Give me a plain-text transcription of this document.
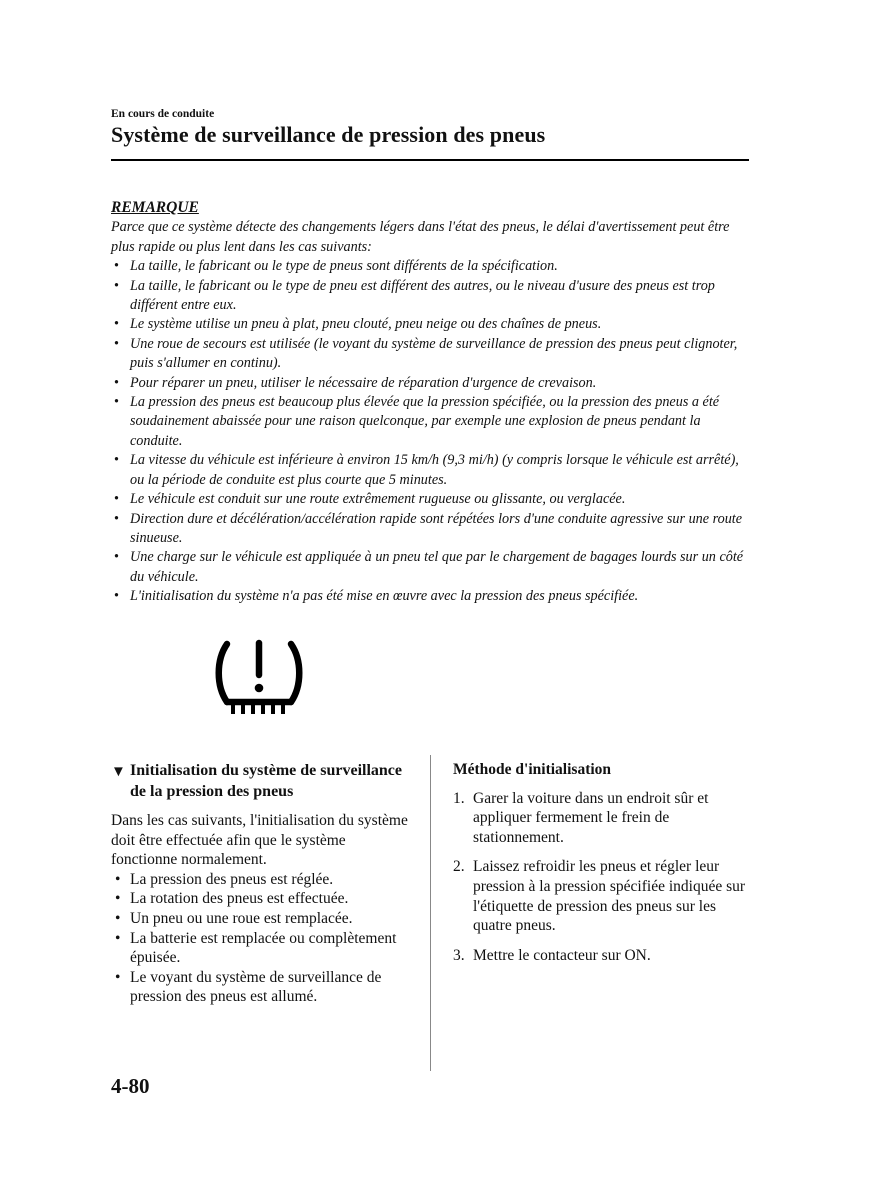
En cours de conduite
Système de surveillance de pression des pneus
REMARQUE

Parce que ce système détecte des changements légers dans l'état des pneus, le délai d'avertissement peut être plus rapide ou plus lent dans les cas suivants:

• La taille, le fabricant ou le type de pneus sont différents de la spécification.
• La taille, le fabricant ou le type de pneu est différent des autres, ou le niveau d'usure des pneus est trop différent entre eux.
• Le système utilise un pneu à plat, pneu clouté, pneu neige ou des chaînes de pneus.
• Une roue de secours est utilisée (le voyant du système de surveillance de pression des pneus peut clignoter, puis s'allumer en continu).
• Pour réparer un pneu, utiliser le nécessaire de réparation d'urgence de crevaison.
• La pression des pneus est beaucoup plus élevée que la pression spécifiée, ou la pression des pneus a été soudainement abaissée pour une raison quelconque, par exemple une explosion de pneus pendant la conduite.
• La vitesse du véhicule est inférieure à environ 15 km/h (9,3 mi/h) (y compris lorsque le véhicule est arrêté), ou la période de conduite est plus courte que 5 minutes.
• Le véhicule est conduit sur une route extrêmement rugueuse ou glissante, ou verglacée.
• Direction dure et décélération/accélération rapide sont répétées lors d'une conduite agressive sur une route sinueuse.
• Une charge sur le véhicule est appliquée à un pneu tel que par le chargement de bagages lourds sur un côté du véhicule.
• L'initialisation du système n'a pas été mise en œuvre avec la pression des pneus spécifiée.
▼ Initialisation du système de surveillance de la pression des pneus

Dans les cas suivants, l'initialisation du système doit être effectuée afin que le système fonctionne normalement.

• La pression des pneus est réglée.
• La rotation des pneus est effectuée.
• Un pneu ou une roue est remplacée.
• La batterie est remplacée ou complètement épuisée.
• Le voyant du système de surveillance de pression des pneus est allumé.
Méthode d'initialisation
1. Garer la voiture dans un endroit sûr et appliquer fermement le frein de stationnement.
2. Laissez refroidir les pneus et régler leur pression à la pression spécifiée indiquée sur l'étiquette de pression des pneus sur les quatre pneus.
3. Mettre le contacteur sur ON.
4-80
